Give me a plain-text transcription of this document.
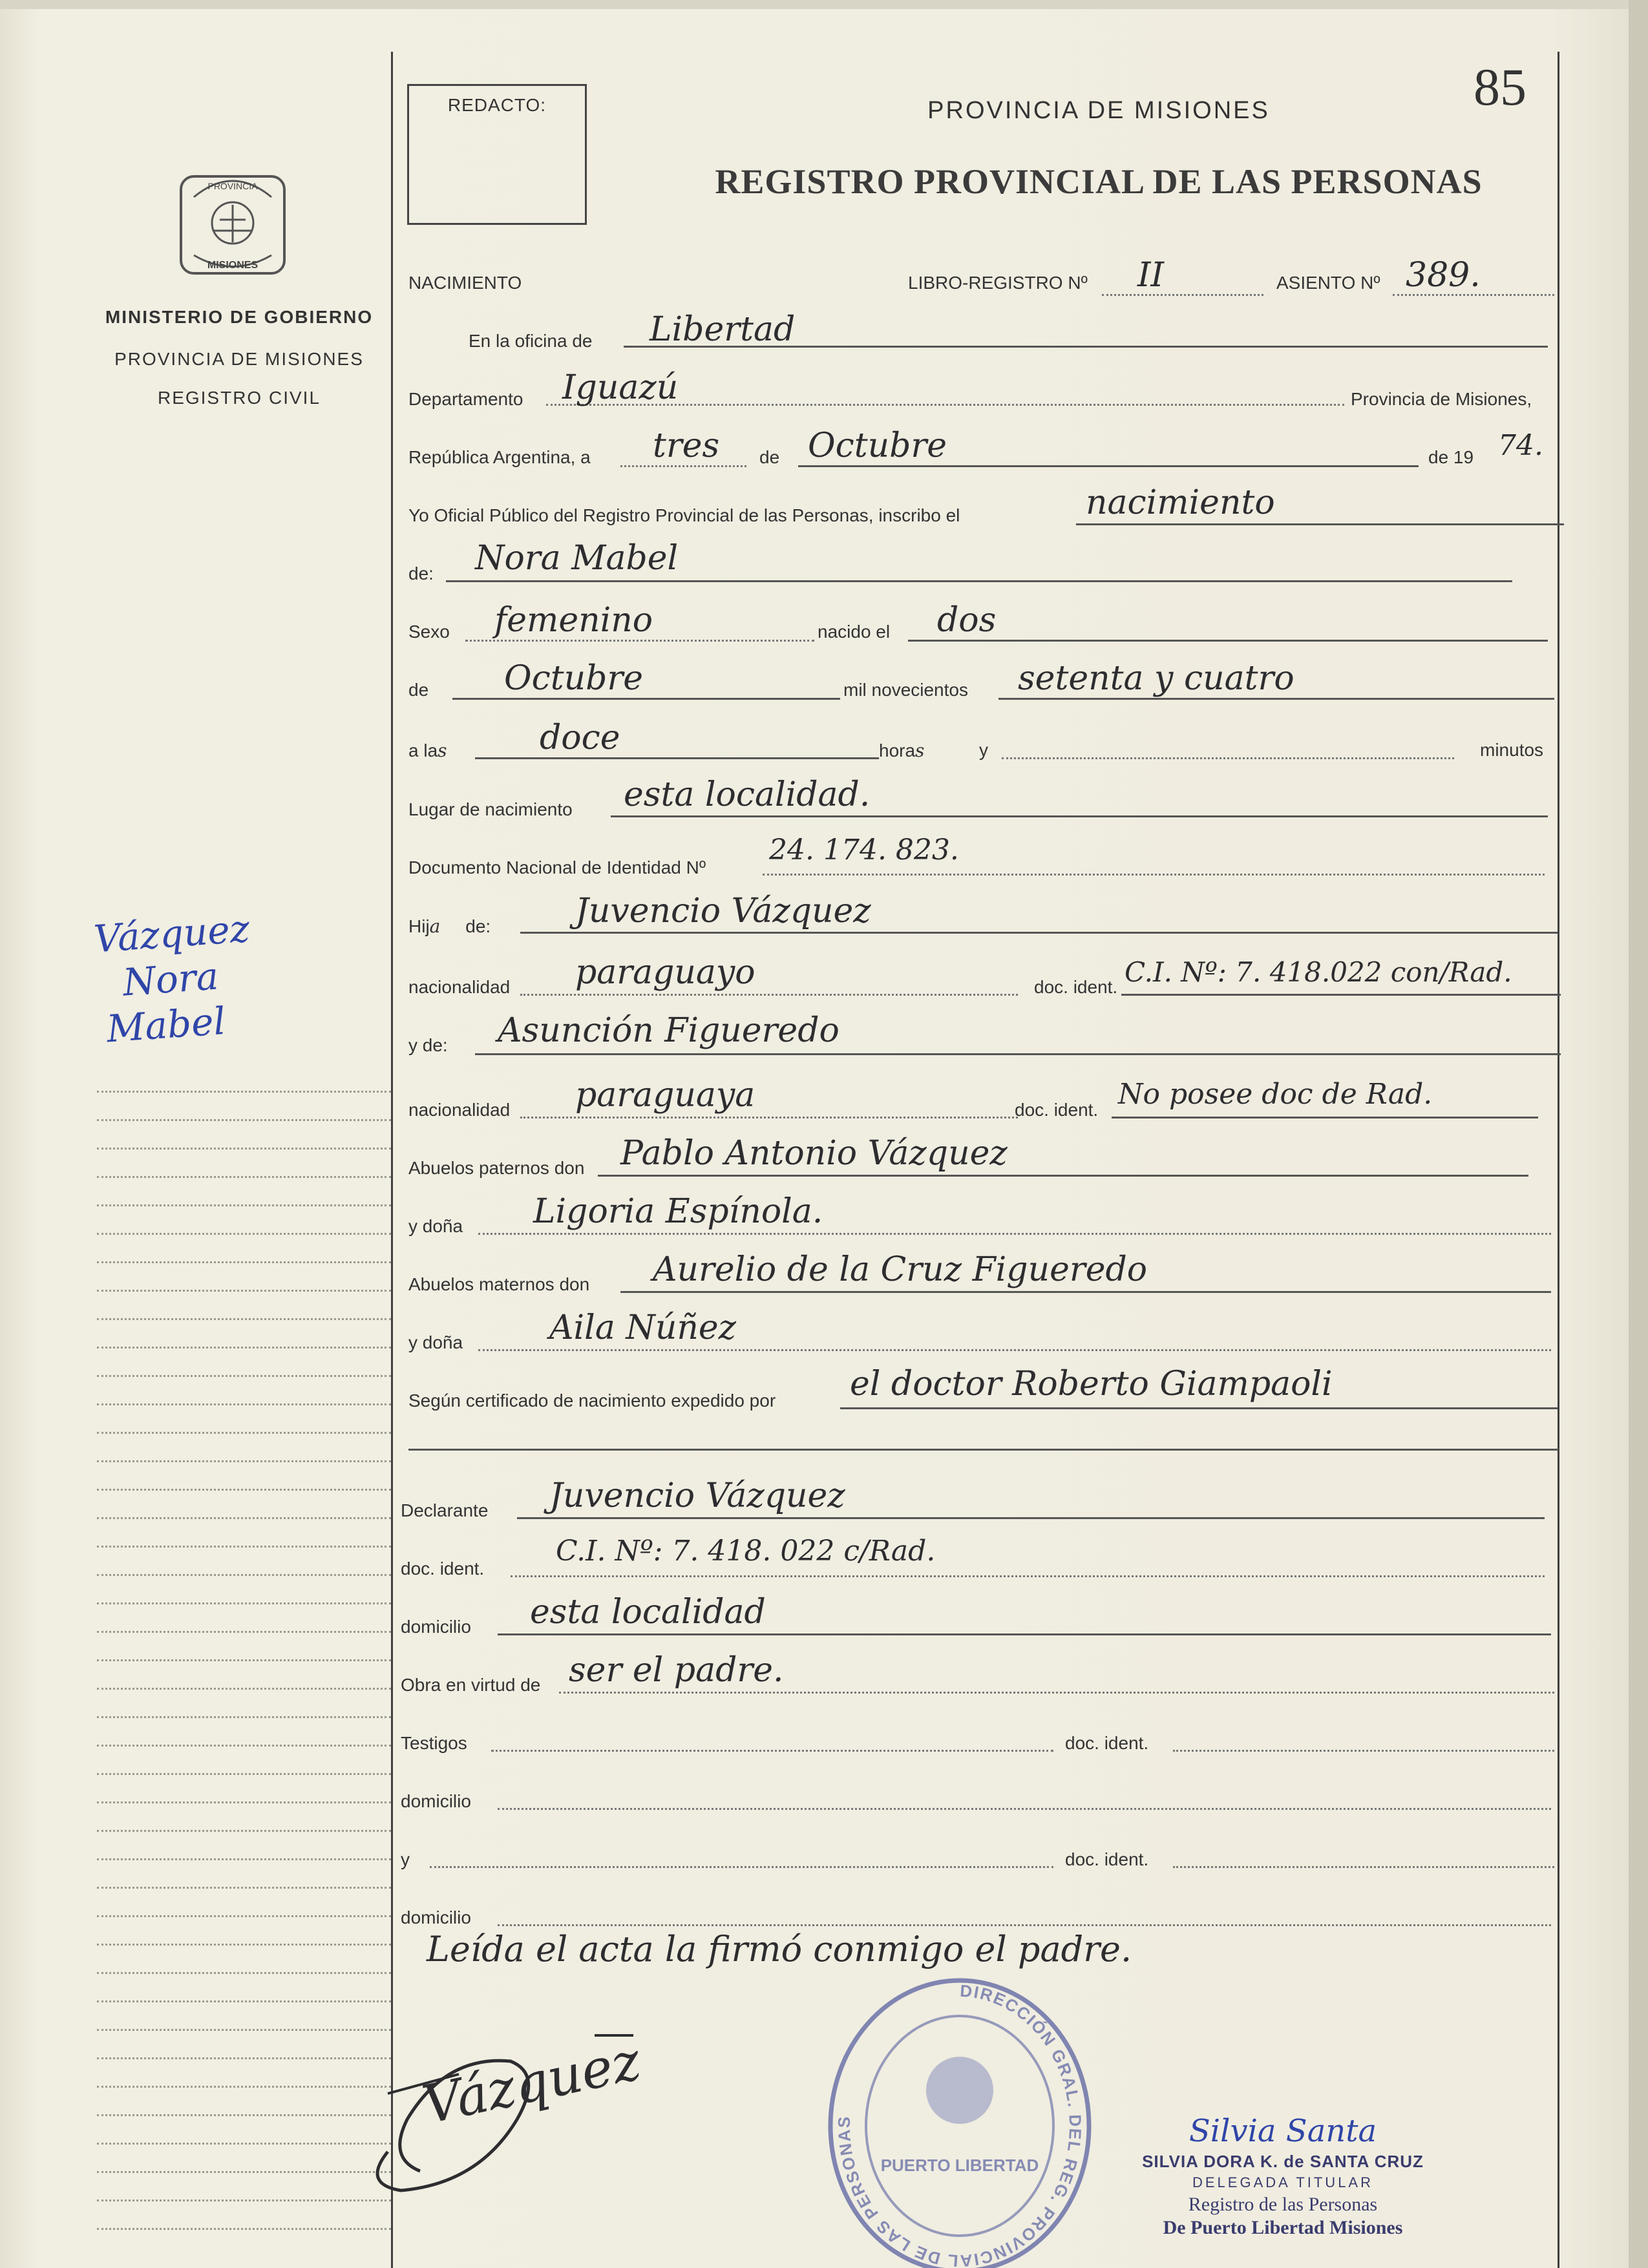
85
REDACTO:	PROVINCIA DE MISIONES
REGISTRO PROVINCIAL DE LAS PERSONAS
PROVINCIA
MISIONES
MINISTERIO DE GOBIERNO
PROVINCIA DE MISIONES
REGISTRO CIVIL
Vázquez
Nora
Mabel
NACIMIENTO	LIBRO-REGISTRO Nº II	ASIENTO Nº 389.
En la oficina de Libertad
Departamento Iguazú	Provincia de Misiones,
República Argentina, a tres de Octubre	de 19 74.
Yo Oficial Público del Registro Provincial de las Personas, inscribo el	nacimiento
de: Nora Mabel
Sexo femenino	nacido el dos
de Octubre	mil novecientos setenta y cuatro
a las	doce	horas	y	minutos
Lugar de nacimiento esta localidad.
Documento Nacional de Identidad Nº
24. 174. 823.
Hija de:	Juvencio Vázquez
nacionalidad paraguayo	doc. ident. C.I. Nº: 7. 418.022 con/Rad.
y de: Asunción Figueredo
nacionalidad paraguaya	doc. ident. No posee doc de Rad.
Abuelos paternos don Pablo Antonio Vázquez
y doña Ligoria Espínola.
Abuelos maternos don Aurelio de la Cruz Figueredo
y doña	Aila Núñez
Según certificado de nacimiento expedido por el doctor Roberto Giampaoli
Declarante Juvencio Vázquez
doc. ident.
C.I. Nº: 7. 418. 022 c/Rad.
domicilio esta localidad
Obra en virtud de ser el padre.
Testigos	doc. ident.
domicilio
y	doc. ident.
domicilio
Leída el acta la firmó conmigo el padre.
Vázquez
DIRECCIÓN GRAL. DEL REG. PROVINCIAL DE LAS PERSONAS
PUERTO LIBERTAD
Silvia Santa
SILVIA DORA K. de SANTA CRUZ
DELEGADA TITULAR
Registro de las Personas
De Puerto Libertad Misiones
